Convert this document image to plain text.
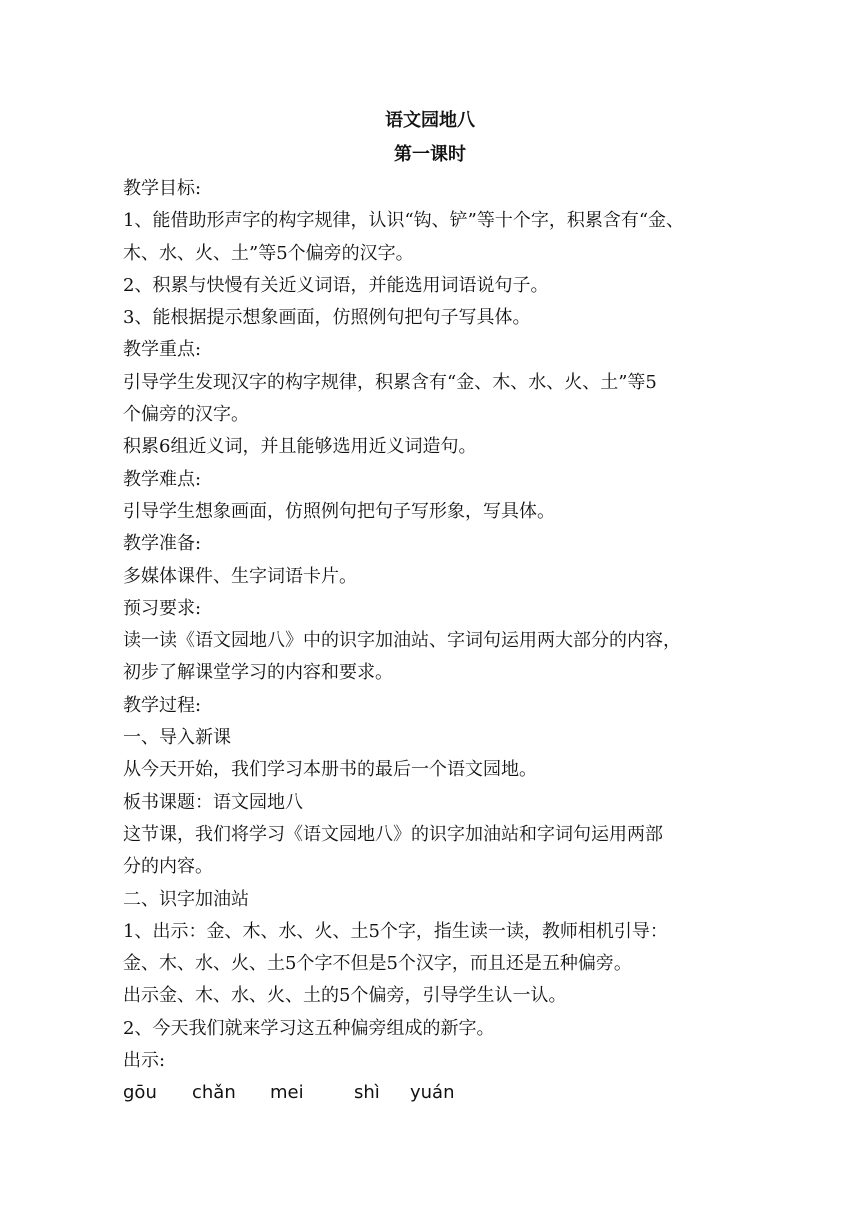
语文园地八
第一课时

教学目标:

1、能借助形声字的构字规律，认识“钩、铲”等十个字，积累含有“金、

木、水、火、土”等5个偏旁的汉字。

2、积累与快慢有关近义词语，并能选用词语说句子。

3、能根据提示想象画面，仿照例句把句子写具体。

教学重点:

引导学生发现汉字的构字规律，积累含有“金、木、水、火、土”等5

个偏旁的汉字。

积累6组近义词，并且能够选用近义词造句。

教学难点:

引导学生想象画面，仿照例句把句子写形象，写具体。

教学准备:

多媒体课件、生字词语卡片。

预习要求:

读一读《语文园地八》中的识字加油站、字词句运用两大部分的内容，

初步了解课堂学习的内容和要求。

教学过程:

一、导入新课

从今天开始，我们学习本册书的最后一个语文园地。

板书课题：语文园地八

这节课，我们将学习《语文园地八》的识字加油站和字词句运用两部

分的内容。

二、识字加油站

1、出示：金、木、水、火、土5个字，指生读一读，教师相机引导：

金、木、水、火、土5个字不但是5个汉字，而且还是五种偏旁。

出示金、木、水、火、土的5个偏旁，引导学生认一认。

2、今天我们就来学习这五种偏旁组成的新字。

出示:

gōu chǎn mei	shì yuán
